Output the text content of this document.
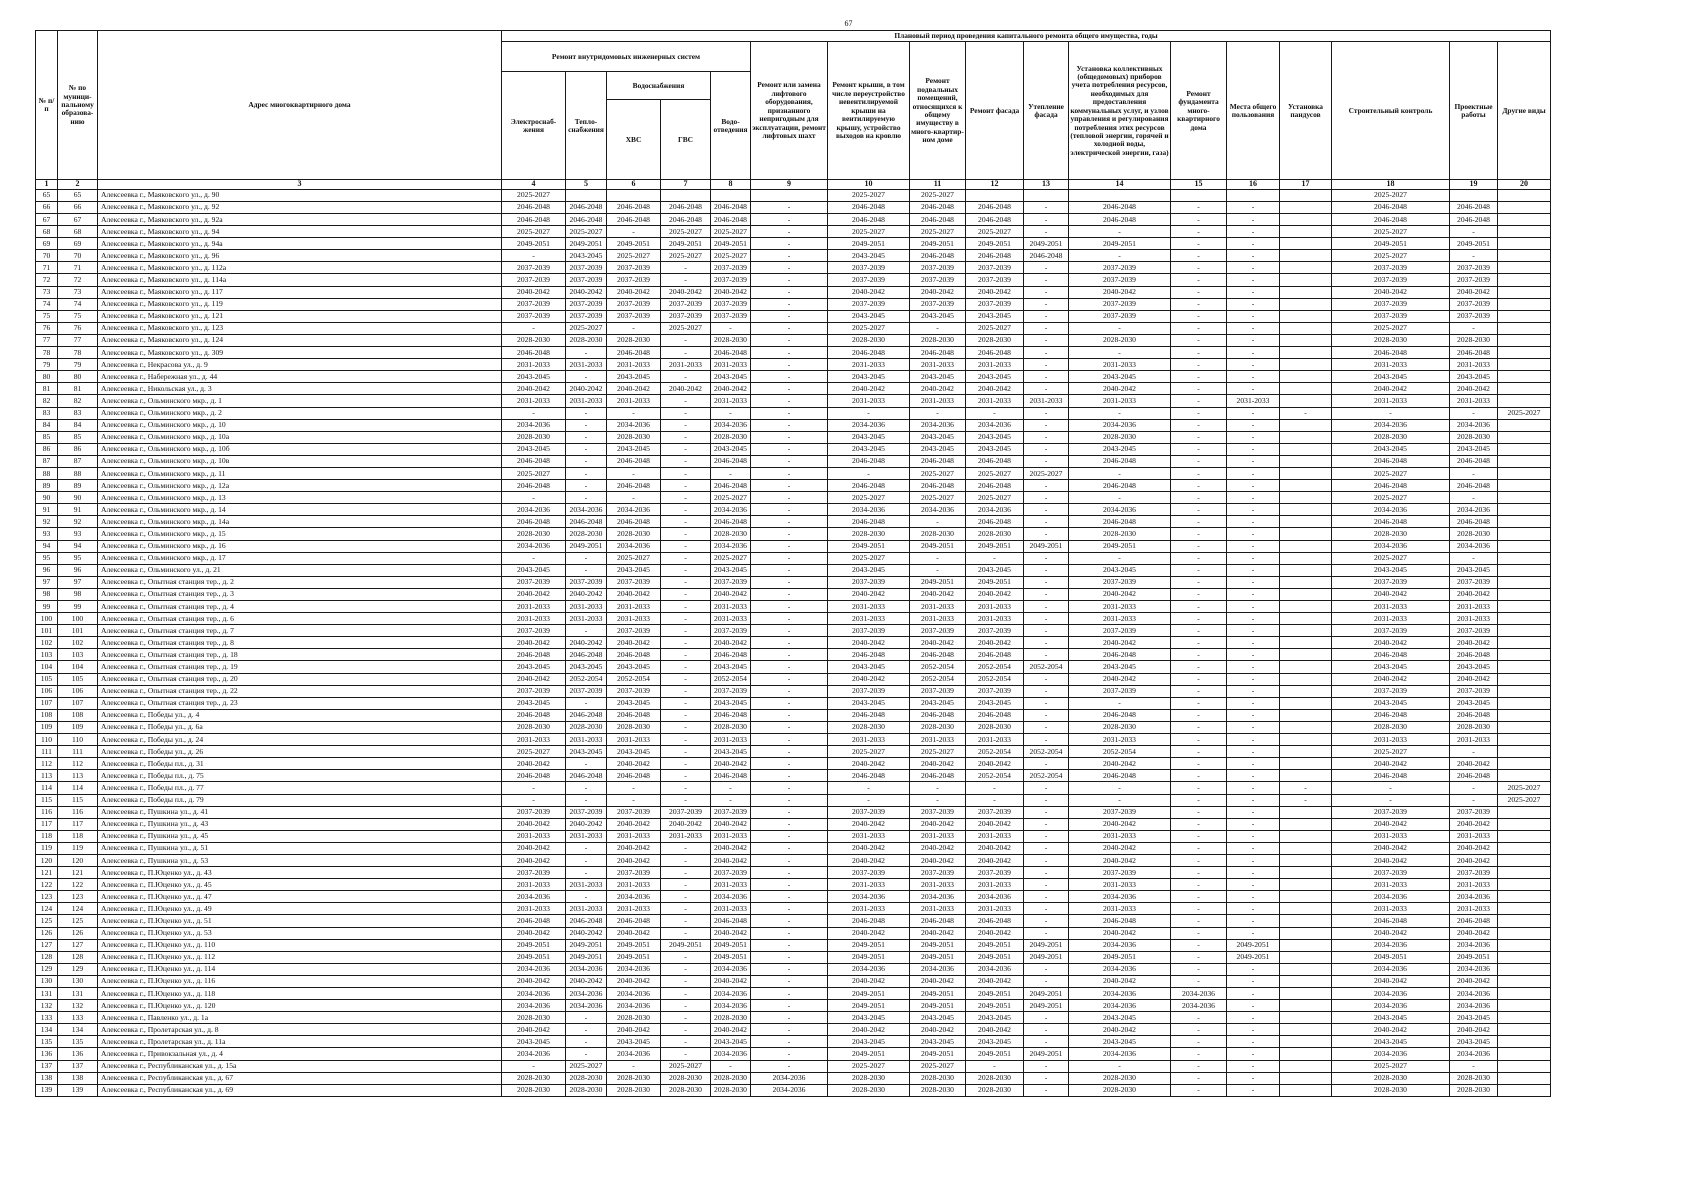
67
№ п/п	№ по муници-пальному образова-нию	Адрес многоквартирного дома	Плановый период проведения капитального ремонта общего имущества, годы																
			Ремонт внутридомовых инженерных систем					Ремонт или замена лифтового оборудования, признанного непригодным для эксплуатации, ремонт лифтовых шахт	Ремонт крыши, в том числе переустройство невентилируемой крыши на вентилируемую крышу, устройство выходов на кровлю	Ремонт подвальных помещений, относящихся к общему имуществу в много-квартир-ном доме	Ремонт фасада	Утепление фасада	Установка коллективных (общедомовых) приборов учета потребления ресурсов, необходимых для предоставления коммунальных услуг, и узлов управления и регулирования потребления этих ресурсов (тепловой энергии, горячей и холодной воды, электрической энергии, газа)	Ремонт фундамента много-квартирного дома	Места общего пользования	Установка пандусов	Строительный контроль	Проектные работы	Другие виды
			Электроснаб-жения	Тепло-снабжения	Водоснабжения		Водо-отведения												
					ХВС	ГВС													
1	2	3	4	5	6	7	8	9	10	11	12	13	14	15	16	17	18	19	20
65	65	Алексеевка г., Маяковского ул., д. 90	2025-2027						2025-2027	2025-2027							2025-2027		
66	66	Алексеевка г., Маяковского ул., д. 92	2046-2048	2046-2048	2046-2048	2046-2048	2046-2048	-	2046-2048	2046-2048	2046-2048	-	2046-2048	-	-		2046-2048	2046-2048	
67	67	Алексеевка г., Маяковского ул., д. 92а	2046-2048	2046-2048	2046-2048	2046-2048	2046-2048	-	2046-2048	2046-2048	2046-2048	-	2046-2048	-	-		2046-2048	2046-2048	
68	68	Алексеевка г., Маяковского ул., д. 94	2025-2027	2025-2027	-	2025-2027	2025-2027	-	2025-2027	2025-2027	2025-2027	-	-	-	-		2025-2027	-	
69	69	Алексеевка г., Маяковского ул., д. 94а	2049-2051	2049-2051	2049-2051	2049-2051	2049-2051	-	2049-2051	2049-2051	2049-2051	2049-2051	2049-2051	-	-		2049-2051	2049-2051	
70	70	Алексеевка г., Маяковского ул., д. 96	-	2043-2045	2025-2027	2025-2027	2025-2027	-	2043-2045	2046-2048	2046-2048	2046-2048	-	-	-		2025-2027	-	
71	71	Алексеевка г., Маяковского ул., д. 112а	2037-2039	2037-2039	2037-2039	-	2037-2039	-	2037-2039	2037-2039	2037-2039	-	2037-2039	-	-		2037-2039	2037-2039	
72	72	Алексеевка г., Маяковского ул., д. 114а	2037-2039	2037-2039	2037-2039	-	2037-2039	-	2037-2039	2037-2039	2037-2039	-	2037-2039	-	-		2037-2039	2037-2039	
73	73	Алексеевка г., Маяковского ул., д. 117	2040-2042	2040-2042	2040-2042	2040-2042	2040-2042	-	2040-2042	2040-2042	2040-2042	-	2040-2042	-	-		2040-2042	2040-2042	
74	74	Алексеевка г., Маяковского ул., д. 119	2037-2039	2037-2039	2037-2039	2037-2039	2037-2039	-	2037-2039	2037-2039	2037-2039	-	2037-2039	-	-		2037-2039	2037-2039	
75	75	Алексеевка г., Маяковского ул., д. 121	2037-2039	2037-2039	2037-2039	2037-2039	2037-2039	-	2043-2045	2043-2045	2043-2045	-	2037-2039	-	-		2037-2039	2037-2039	
76	76	Алексеевка г., Маяковского ул., д. 123	-	2025-2027	-	2025-2027	-	-	2025-2027	-	2025-2027	-	-	-	-		2025-2027	-	
77	77	Алексеевка г., Маяковского ул., д. 124	2028-2030	2028-2030	2028-2030	-	2028-2030	-	2028-2030	2028-2030	2028-2030	-	2028-2030	-	-		2028-2030	2028-2030	
78	78	Алексеевка г., Маяковского ул., д. 309	2046-2048	-	2046-2048	-	2046-2048	-	2046-2048	2046-2048	2046-2048	-	-	-	-		2046-2048	2046-2048	
79	79	Алексеевка г., Некрасова ул., д. 9	2031-2033	2031-2033	2031-2033	2031-2033	2031-2033	-	2031-2033	2031-2033	2031-2033	-	2031-2033	-	-		2031-2033	2031-2033	
80	80	Алексеевка г., Набережная ул., д. 44	2043-2045	-	2043-2045	-	2043-2045	-	2043-2045	2043-2045	2043-2045	-	2043-2045	-	-		2043-2045	2043-2045	
81	81	Алексеевка г., Никольская ул., д. 3	2040-2042	2040-2042	2040-2042	2040-2042	2040-2042	-	2040-2042	2040-2042	2040-2042	-	2040-2042	-	-		2040-2042	2040-2042	
82	82	Алексеевка г., Ольминского мкр., д. 1	2031-2033	2031-2033	2031-2033	-	2031-2033	-	2031-2033	2031-2033	2031-2033	2031-2033	2031-2033	-	2031-2033		2031-2033	2031-2033	
83	83	Алексеевка г., Ольминского мкр., д. 2	-	-	-	-	-	-	-	-	-	-	-	-	-	-	-	-	2025-2027
84	84	Алексеевка г., Ольминского мкр., д. 10	2034-2036	-	2034-2036	-	2034-2036	-	2034-2036	2034-2036	2034-2036	-	2034-2036	-	-		2034-2036	2034-2036	
85	85	Алексеевка г., Ольминского мкр., д. 10а	2028-2030	-	2028-2030	-	2028-2030	-	2043-2045	2043-2045	2043-2045	-	2028-2030	-	-		2028-2030	2028-2030	
86	86	Алексеевка г., Ольминского мкр., д. 10б	2043-2045	-	2043-2045	-	2043-2045	-	2043-2045	2043-2045	2043-2045	-	2043-2045	-	-		2043-2045	2043-2045	
87	87	Алексеевка г., Ольминского мкр., д. 10в	2046-2048	-	2046-2048	-	2046-2048	-	2046-2048	2046-2048	2046-2048	-	2046-2048	-	-		2046-2048	2046-2048	
88	88	Алексеевка г., Ольминского мкр., д. 11	2025-2027	-	-	-	-	-	-	2025-2027	2025-2027	2025-2027	-	-	-		2025-2027	-	
89	89	Алексеевка г., Ольминского мкр., д. 12а	2046-2048	-	2046-2048	-	2046-2048	-	2046-2048	2046-2048	2046-2048	-	2046-2048	-	-		2046-2048	2046-2048	
90	90	Алексеевка г., Ольминского мкр., д. 13	-	-	-	-	2025-2027	-	2025-2027	2025-2027	2025-2027	-	-	-	-		2025-2027	-	
91	91	Алексеевка г., Ольминского мкр., д. 14	2034-2036	2034-2036	2034-2036	-	2034-2036	-	2034-2036	2034-2036	2034-2036	-	2034-2036	-	-		2034-2036	2034-2036	
92	92	Алексеевка г., Ольминского мкр., д. 14а	2046-2048	2046-2048	2046-2048	-	2046-2048	-	2046-2048	-	2046-2048	-	2046-2048	-	-		2046-2048	2046-2048	
93	93	Алексеевка г., Ольминского мкр., д. 15	2028-2030	2028-2030	2028-2030	-	2028-2030	-	2028-2030	2028-2030	2028-2030	-	2028-2030	-	-		2028-2030	2028-2030	
94	94	Алексеевка г., Ольминского мкр., д. 16	2034-2036	2049-2051	2034-2036	-	2034-2036	-	2049-2051	2049-2051	2049-2051	2049-2051	2049-2051	-	-		2034-2036	2034-2036	
95	95	Алексеевка г., Ольминского мкр., д. 17	-	-	2025-2027	-	2025-2027	-	2025-2027	-	-	-	-	-	-		2025-2027	-	
96	96	Алексеевка г., Ольминского ул., д. 21	2043-2045	-	2043-2045	-	2043-2045	-	2043-2045	-	2043-2045	-	2043-2045	-	-		2043-2045	2043-2045	
97	97	Алексеевка г., Опытная станция тер., д. 2	2037-2039	2037-2039	2037-2039	-	2037-2039	-	2037-2039	2049-2051	2049-2051	-	2037-2039	-	-		2037-2039	2037-2039	
98	98	Алексеевка г., Опытная станция тер., д. 3	2040-2042	2040-2042	2040-2042	-	2040-2042	-	2040-2042	2040-2042	2040-2042	-	2040-2042	-	-		2040-2042	2040-2042	
99	99	Алексеевка г., Опытная станция тер., д. 4	2031-2033	2031-2033	2031-2033	-	2031-2033	-	2031-2033	2031-2033	2031-2033	-	2031-2033	-	-		2031-2033	2031-2033	
100	100	Алексеевка г., Опытная станция тер., д. 6	2031-2033	2031-2033	2031-2033	-	2031-2033	-	2031-2033	2031-2033	2031-2033	-	2031-2033	-	-		2031-2033	2031-2033	
101	101	Алексеевка г., Опытная станция тер., д. 7	2037-2039	-	2037-2039	-	2037-2039	-	2037-2039	2037-2039	2037-2039	-	2037-2039	-	-		2037-2039	2037-2039	
102	102	Алексеевка г., Опытная станция тер., д. 8	2040-2042	2040-2042	2040-2042	-	2040-2042	-	2040-2042	2040-2042	2040-2042	-	2040-2042	-	-		2040-2042	2040-2042	
103	103	Алексеевка г., Опытная станция тер., д. 18	2046-2048	2046-2048	2046-2048	-	2046-2048	-	2046-2048	2046-2048	2046-2048	-	2046-2048	-	-		2046-2048	2046-2048	
104	104	Алексеевка г., Опытная станция тер., д. 19	2043-2045	2043-2045	2043-2045	-	2043-2045	-	2043-2045	2052-2054	2052-2054	2052-2054	2043-2045	-	-		2043-2045	2043-2045	
105	105	Алексеевка г., Опытная станция тер., д. 20	2040-2042	2052-2054	2052-2054	-	2052-2054	-	2040-2042	2052-2054	2052-2054	-	2040-2042	-	-		2040-2042	2040-2042	
106	106	Алексеевка г., Опытная станция тер., д. 22	2037-2039	2037-2039	2037-2039	-	2037-2039	-	2037-2039	2037-2039	2037-2039	-	2037-2039	-	-		2037-2039	2037-2039	
107	107	Алексеевка г., Опытная станция тер., д. 23	2043-2045	-	2043-2045	-	2043-2045	-	2043-2045	2043-2045	2043-2045	-	-	-	-		2043-2045	2043-2045	
108	108	Алексеевка г., Победы ул., д. 4	2046-2048	2046-2048	2046-2048	-	2046-2048	-	2046-2048	2046-2048	2046-2048	-	2046-2048	-	-		2046-2048	2046-2048	
109	109	Алексеевка г., Победы ул., д. 6а	2028-2030	2028-2030	2028-2030	-	2028-2030	-	2028-2030	2028-2030	2028-2030	-	2028-2030	-	-		2028-2030	2028-2030	
110	110	Алексеевка г., Победы ул., д. 24	2031-2033	2031-2033	2031-2033	-	2031-2033	-	2031-2033	2031-2033	2031-2033	-	2031-2033	-	-		2031-2033	2031-2033	
111	111	Алексеевка г., Победы ул., д. 26	2025-2027	2043-2045	2043-2045	-	2043-2045	-	2025-2027	2025-2027	2052-2054	2052-2054	2052-2054	-	-		2025-2027	-	
112	112	Алексеевка г., Победы пл., д. 31	2040-2042	-	2040-2042	-	2040-2042	-	2040-2042	2040-2042	2040-2042	-	2040-2042	-	-		2040-2042	2040-2042	
113	113	Алексеевка г., Победы пл., д. 75	2046-2048	2046-2048	2046-2048	-	2046-2048	-	2046-2048	2046-2048	2052-2054	2052-2054	2046-2048	-	-		2046-2048	2046-2048	
114	114	Алексеевка г., Победы пл., д. 77	-	-	-	-	-	-	-	-	-	-	-	-	-	-	-	-	2025-2027
115	115	Алексеевка г., Победы пл., д. 79	-	-	-	-	-	-	-	-	-	-	-	-	-	-	-	-	2025-2027
116	116	Алексеевка г., Пушкина ул., д. 41	2037-2039	2037-2039	2037-2039	2037-2039	2037-2039	-	2037-2039	2037-2039	2037-2039	-	2037-2039	-	-		2037-2039	2037-2039	
117	117	Алексеевка г., Пушкина ул., д. 43	2040-2042	2040-2042	2040-2042	2040-2042	2040-2042	-	2040-2042	2040-2042	2040-2042	-	2040-2042	-	-		2040-2042	2040-2042	
118	118	Алексеевка г., Пушкина ул., д. 45	2031-2033	2031-2033	2031-2033	2031-2033	2031-2033	-	2031-2033	2031-2033	2031-2033	-	2031-2033	-	-		2031-2033	2031-2033	
119	119	Алексеевка г., Пушкина ул., д. 51	2040-2042	-	2040-2042	-	2040-2042	-	2040-2042	2040-2042	2040-2042	-	2040-2042	-	-		2040-2042	2040-2042	
120	120	Алексеевка г., Пушкина ул., д. 53	2040-2042	-	2040-2042	-	2040-2042	-	2040-2042	2040-2042	2040-2042	-	2040-2042	-	-		2040-2042	2040-2042	
121	121	Алексеевка г., П.Юценко ул., д. 43	2037-2039	-	2037-2039	-	2037-2039	-	2037-2039	2037-2039	2037-2039	-	2037-2039	-	-		2037-2039	2037-2039	
122	122	Алексеевка г., П.Юценко ул., д. 45	2031-2033	2031-2033	2031-2033	-	2031-2033	-	2031-2033	2031-2033	2031-2033	-	2031-2033	-	-		2031-2033	2031-2033	
123	123	Алексеевка г., П.Юценко ул., д. 47	2034-2036	-	2034-2036	-	2034-2036	-	2034-2036	2034-2036	2034-2036	-	2034-2036	-	-		2034-2036	2034-2036	
124	124	Алексеевка г., П.Юценко ул., д. 49	2031-2033	2031-2033	2031-2033	-	2031-2033	-	2031-2033	2031-2033	2031-2033	-	2031-2033	-	-		2031-2033	2031-2033	
125	125	Алексеевка г., П.Юценко ул., д. 51	2046-2048	2046-2048	2046-2048	-	2046-2048	-	2046-2048	2046-2048	2046-2048	-	2046-2048	-	-		2046-2048	2046-2048	
126	126	Алексеевка г., П.Юценко ул., д. 53	2040-2042	2040-2042	2040-2042	-	2040-2042	-	2040-2042	2040-2042	2040-2042	-	2040-2042	-	-		2040-2042	2040-2042	
127	127	Алексеевка г., П.Юценко ул., д. 110	2049-2051	2049-2051	2049-2051	2049-2051	2049-2051	-	2049-2051	2049-2051	2049-2051	2049-2051	2034-2036	-	2049-2051		2034-2036	2034-2036	
128	128	Алексеевка г., П.Юценко ул., д. 112	2049-2051	2049-2051	2049-2051	-	2049-2051	-	2049-2051	2049-2051	2049-2051	2049-2051	2049-2051	-	2049-2051		2049-2051	2049-2051	
129	129	Алексеевка г., П.Юценко ул., д. 114	2034-2036	2034-2036	2034-2036	-	2034-2036	-	2034-2036	2034-2036	2034-2036	-	2034-2036	-	-		2034-2036	2034-2036	
130	130	Алексеевка г., П.Юценко ул., д. 116	2040-2042	2040-2042	2040-2042	-	2040-2042	-	2040-2042	2040-2042	2040-2042	-	2040-2042	-	-		2040-2042	2040-2042	
131	131	Алексеевка г., П.Юценко ул., д. 118	2034-2036	2034-2036	2034-2036	-	2034-2036	-	2049-2051	2049-2051	2049-2051	2049-2051	2034-2036	2034-2036	-		2034-2036	2034-2036	
132	132	Алексеевка г., П.Юценко ул., д. 120	2034-2036	2034-2036	2034-2036	-	2034-2036	-	2049-2051	2049-2051	2049-2051	2049-2051	2034-2036	2034-2036	-		2034-2036	2034-2036	
133	133	Алексеевка г., Павленко ул., д. 1а	2028-2030	-	2028-2030	-	2028-2030	-	2043-2045	2043-2045	2043-2045	-	2043-2045	-	-		2043-2045	2043-2045	
134	134	Алексеевка г., Пролетарская ул., д. 8	2040-2042	-	2040-2042	-	2040-2042	-	2040-2042	2040-2042	2040-2042	-	2040-2042	-	-		2040-2042	2040-2042	
135	135	Алексеевка г., Пролетарская ул., д. 11а	2043-2045	-	2043-2045	-	2043-2045	-	2043-2045	2043-2045	2043-2045	-	2043-2045	-	-		2043-2045	2043-2045	
136	136	Алексеевка г., Привокзальная ул., д. 4	2034-2036	-	2034-2036	-	2034-2036	-	2049-2051	2049-2051	2049-2051	2049-2051	2034-2036	-	-		2034-2036	2034-2036	
137	137	Алексеевка г., Республиканская ул., д. 15а	-	2025-2027	-	2025-2027	-	-	2025-2027	2025-2027	-	-	-	-	-		2025-2027	-	
138	138	Алексеевка г., Республиканская ул., д. 67	2028-2030	2028-2030	2028-2030	2028-2030	2028-2030	2034-2036	2028-2030	2028-2030	2028-2030	-	2028-2030	-	-		2028-2030	2028-2030	
139	139	Алексеевка г., Республиканская ул., д. 69	2028-2030	2028-2030	2028-2030	2028-2030	2028-2030	2034-2036	2028-2030	2028-2030	2028-2030	-	2028-2030	-	-		2028-2030	2028-2030	
